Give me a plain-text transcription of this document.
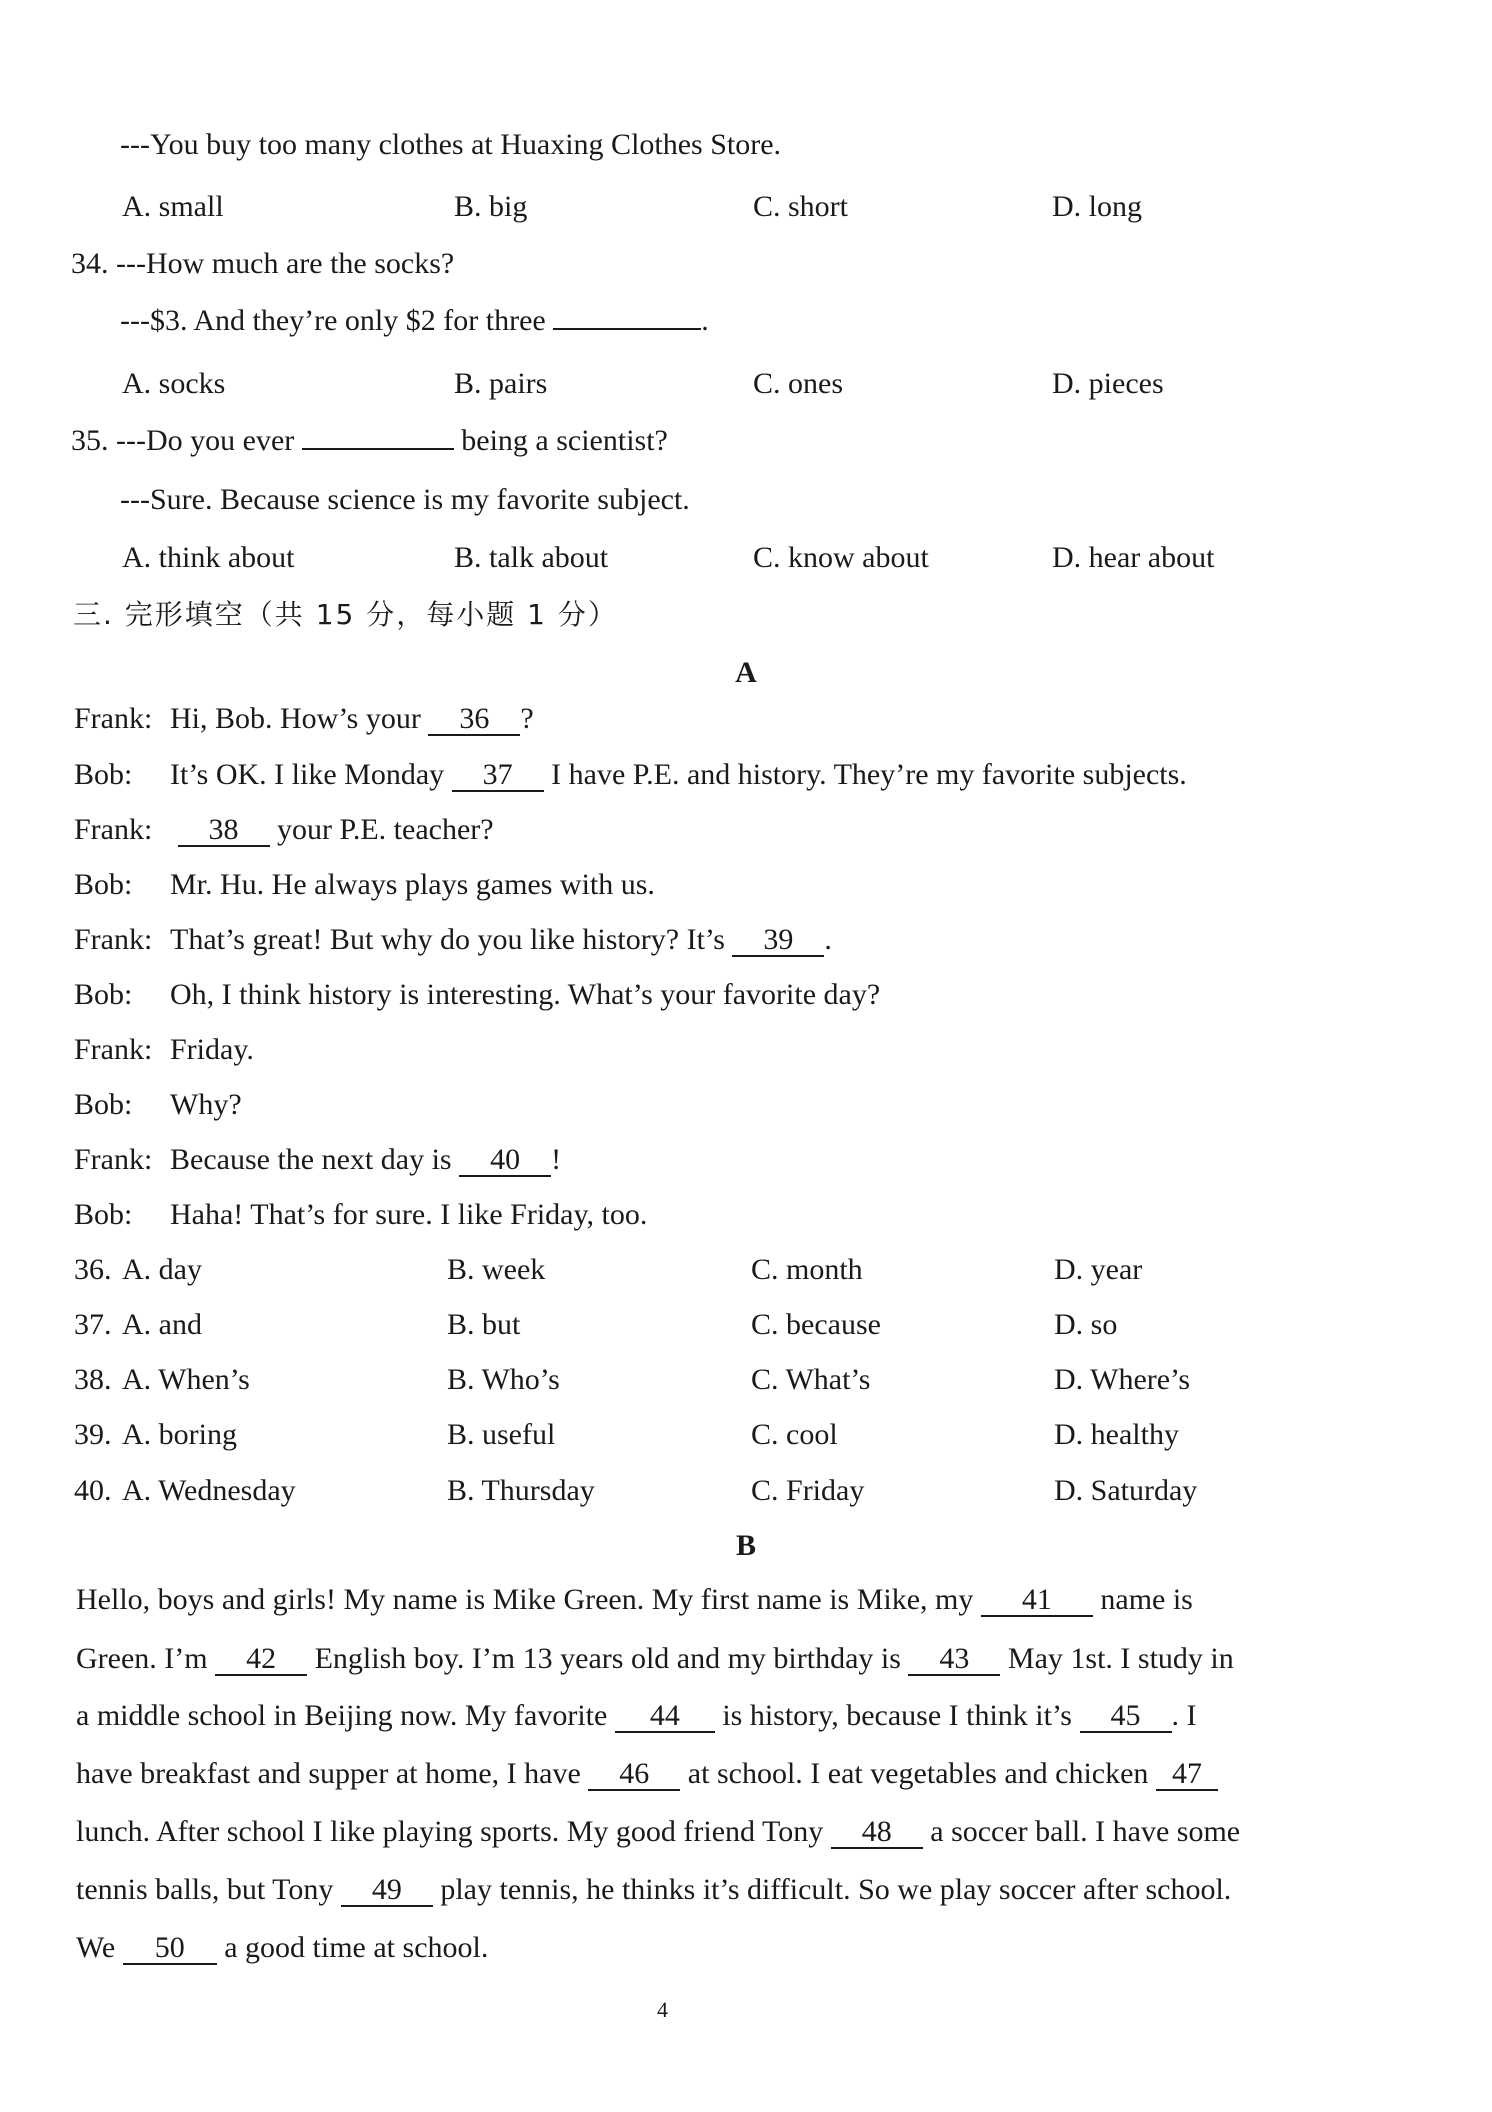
---You buy too many clothes at Huaxing Clothes Store.
A. small	B. big	C. short	D. long
34. ---How much are the socks?
---$3. And they’re only $2 for three	.
A. socks	B. pairs	C. ones	D. pieces
35. ---Do you ever	being a scientist?
---Sure. Because science is my favorite subject.
A. think about	B. talk about	C. know about	D. hear about
三. 完形填空（共 15 分，每小题 1 分）
A
Frank: Hi, Bob. How’s your 36 ?
Bob: It’s OK. I like Monday 37 I have P.E. and history. They’re my favorite subjects.
Frank: 38 your P.E. teacher?
Bob: Mr. Hu. He always plays games with us.
Frank: That’s great! But why do you like history? It’s 39 .
Bob: Oh, I think history is interesting. What’s your favorite day?
Frank: Friday.
Bob: Why?
Frank: Because the next day is 40 !
Bob: Haha! That’s for sure. I like Friday, too.
36. A. day	B. week	C. month	D. year
37. A. and	B. but	C. because	D. so
38. A. When’s	B. Who’s	C. What’s	D. Where’s
39. A. boring	B. useful	C. cool	D. healthy
40. A. Wednesday	B. Thursday	C. Friday	D. Saturday
B
Hello, boys and girls! My name is Mike Green. My first name is Mike, my 41 name is
Green. I’m 42 English boy. I’m 13 years old and my birthday is 43 May 1st. I study in
a middle school in Beijing now. My favorite 44 is history, because I think it’s 45 . I
have breakfast and supper at home, I have 46 at school. I eat vegetables and chicken 47
lunch. After school I like playing sports. My good friend Tony 48 a soccer ball. I have some
tennis balls, but Tony 49 play tennis, he thinks it’s difficult. So we play soccer after school.
We 50 a good time at school.
4
